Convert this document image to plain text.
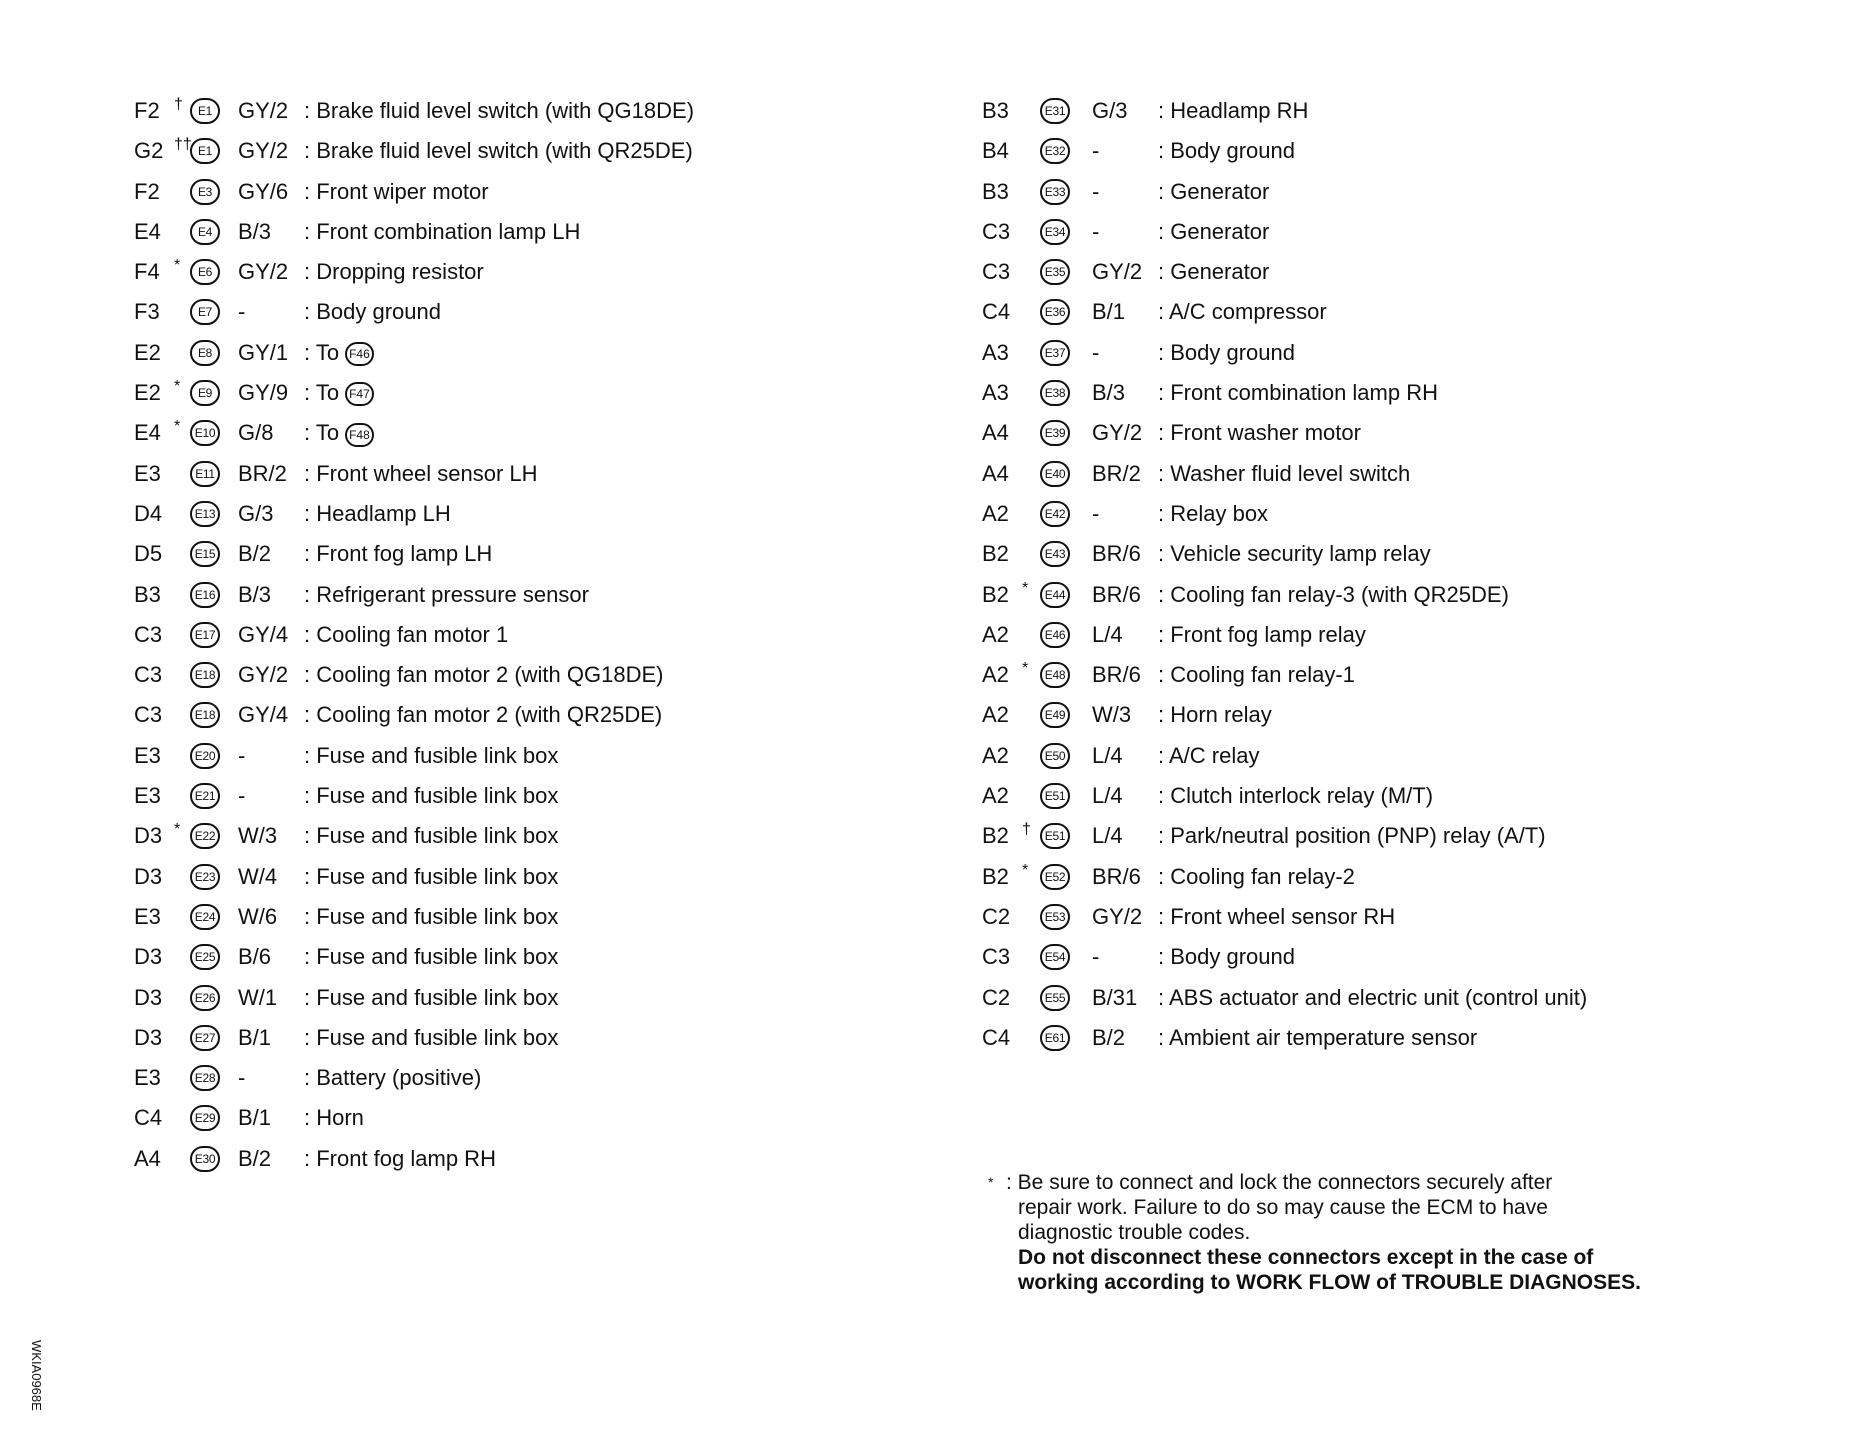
F2 †	E1	GY/2 : Brake fluid level switch (with QG18DE)
G2 †† E1	GY/2 : Brake fluid level switch (with QR25DE)
F2	E3	GY/6 : Front wiper motor
E4	E4	B/3 : Front combination lamp LH
F4 *	E6	GY/2 : Dropping resistor
F3	E7	-	: Body ground
E2	E8	GY/1 : To F46
E2 *	E9	GY/9 : To F47
E4 *	E10 G/8 : To F48
E3	E11 BR/2 : Front wheel sensor LH
D4	E13 G/3 : Headlamp LH
D5	E15 B/2 : Front fog lamp LH
B3	E16 B/3 : Refrigerant pressure sensor
C3	E17 GY/4 : Cooling fan motor 1
C3	E18 GY/2 : Cooling fan motor 2 (with QG18DE)
C3	E18 GY/4 : Cooling fan motor 2 (with QR25DE)
E3	E20 -	: Fuse and fusible link box
E3	E21 -	: Fuse and fusible link box
D3 *	E22 W/3 : Fuse and fusible link box
D3	E23 W/4 : Fuse and fusible link box
E3	E24 W/6 : Fuse and fusible link box
D3	E25 B/6 : Fuse and fusible link box
D3	E26 W/1 : Fuse and fusible link box
D3	E27 B/1 : Fuse and fusible link box
E3	E28 -	: Battery (positive)
C4	E29 B/1 : Horn
A4	E30 B/2 : Front fog lamp RH
B3	E31 G/3 : Headlamp RH
B4	E32 -	: Body ground
B3	E33 -	: Generator
C3	E34 -	: Generator
C3	E35 GY/2 : Generator
C4	E36 B/1 : A/C compressor
A3	E37 -	: Body ground
A3	E38 B/3 : Front combination lamp RH
A4	E39 GY/2 : Front washer motor
A4	E40 BR/2 : Washer fluid level switch
A2	E42 -	: Relay box
B2	E43 BR/6 : Vehicle security lamp relay
B2 *	E44 BR/6 : Cooling fan relay-3 (with QR25DE)
A2	E46 L/4 : Front fog lamp relay
A2 *	E48 BR/6 : Cooling fan relay-1
A2	E49 W/3 : Horn relay
A2	E50 L/4 : A/C relay
A2	E51 L/4 : Clutch interlock relay (M/T)
B2 †	E51 L/4 : Park/neutral position (PNP) relay (A/T)
B2 *	E52 BR/6 : Cooling fan relay-2
C2	E53 GY/2 : Front wheel sensor RH
C3	E54 -	: Body ground
C2	E55 B/31 : ABS actuator and electric unit (control unit)
C4	E61 B/2 : Ambient air temperature sensor
* : Be sure to connect and lock the connectors securely after
repair work. Failure to do so may cause the ECM to have
diagnostic trouble codes.
Do not disconnect these connectors except in the case of
working according to WORK FLOW of TROUBLE DIAGNOSES.
WKIA0968E
